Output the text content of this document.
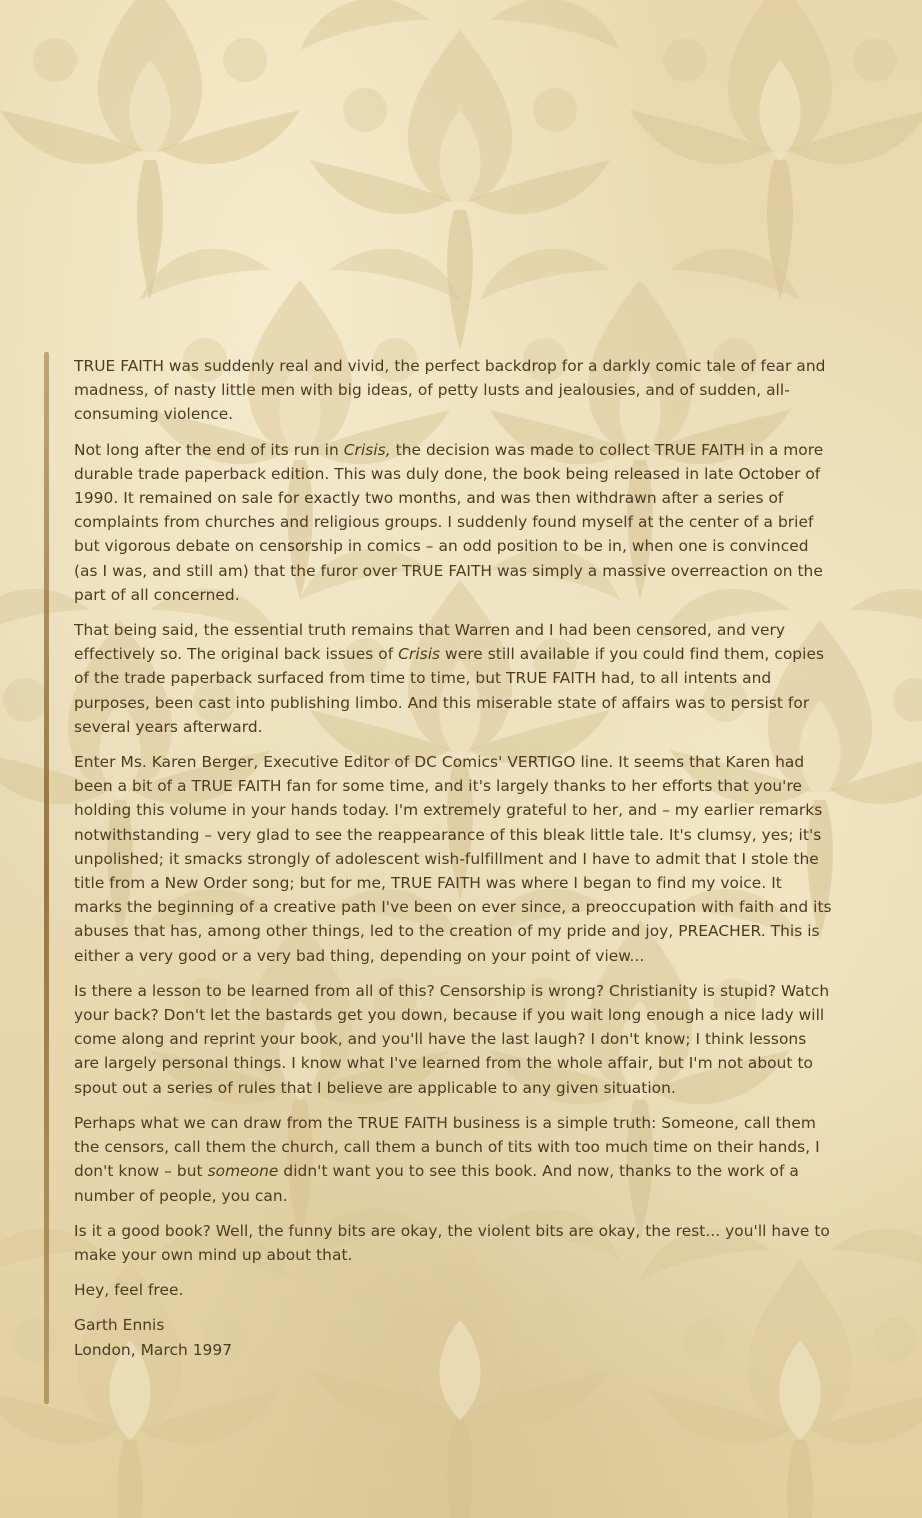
TRUE FAITH was suddenly real and vivid, the perfect backdrop for a darkly comic tale of fear and madness, of nasty little men with big ideas, of petty lusts and jealousies, and of sudden, all-consuming violence.

Not long after the end of its run in Crisis, the decision was made to collect TRUE FAITH in a more durable trade paperback edition. This was duly done, the book being released in late October of 1990. It remained on sale for exactly two months, and was then withdrawn after a series of complaints from churches and religious groups. I suddenly found myself at the center of a brief but vigorous debate on censorship in comics – an odd position to be in, when one is convinced (as I was, and still am) that the furor over TRUE FAITH was simply a massive overreaction on the part of all concerned.

That being said, the essential truth remains that Warren and I had been censored, and very effectively so. The original back issues of Crisis were still available if you could find them, copies of the trade paperback surfaced from time to time, but TRUE FAITH had, to all intents and purposes, been cast into publishing limbo. And this miserable state of affairs was to persist for several years afterward.

Enter Ms. Karen Berger, Executive Editor of DC Comics' VERTIGO line. It seems that Karen had been a bit of a TRUE FAITH fan for some time, and it's largely thanks to her efforts that you're holding this volume in your hands today. I'm extremely grateful to her, and – my earlier remarks notwithstanding – very glad to see the reappearance of this bleak little tale. It's clumsy, yes; it's unpolished; it smacks strongly of adolescent wish-fulfillment and I have to admit that I stole the title from a New Order song; but for me, TRUE FAITH was where I began to find my voice. It marks the beginning of a creative path I've been on ever since, a preoccupation with faith and its abuses that has, among other things, led to the creation of my pride and joy, PREACHER. This is either a very good or a very bad thing, depending on your point of view...

Is there a lesson to be learned from all of this? Censorship is wrong? Christianity is stupid? Watch your back? Don't let the bastards get you down, because if you wait long enough a nice lady will come along and reprint your book, and you'll have the last laugh? I don't know; I think lessons are largely personal things. I know what I've learned from the whole affair, but I'm not about to spout out a series of rules that I believe are applicable to any given situation.

Perhaps what we can draw from the TRUE FAITH business is a simple truth: Someone, call them the censors, call them the church, call them a bunch of tits with too much time on their hands, I don't know – but someone didn't want you to see this book. And now, thanks to the work of a number of people, you can.

Is it a good book? Well, the funny bits are okay, the violent bits are okay, the rest... you'll have to make your own mind up about that.

Hey, feel free.

Garth Ennis

London, March 1997
